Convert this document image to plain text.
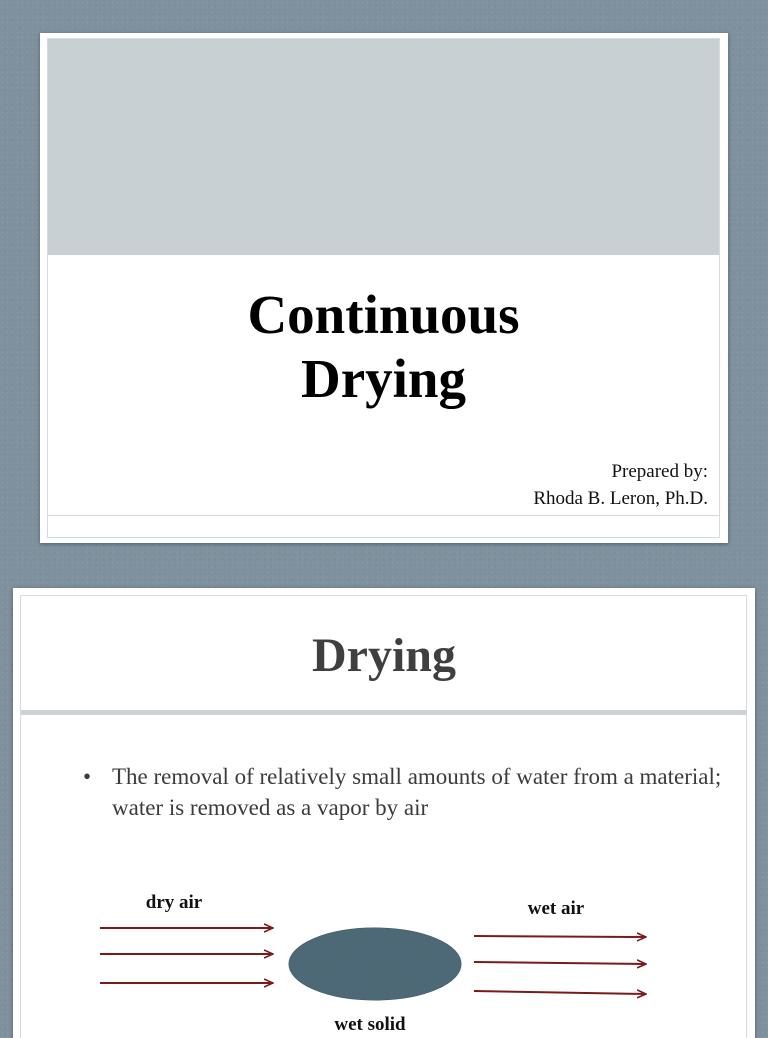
Continuous
Drying
Prepared by:
Rhoda B. Leron, Ph.D.
Drying
• The removal of relatively small amounts of water from a material; water is removed as a vapor by air
dry air	wet air
wet solid
